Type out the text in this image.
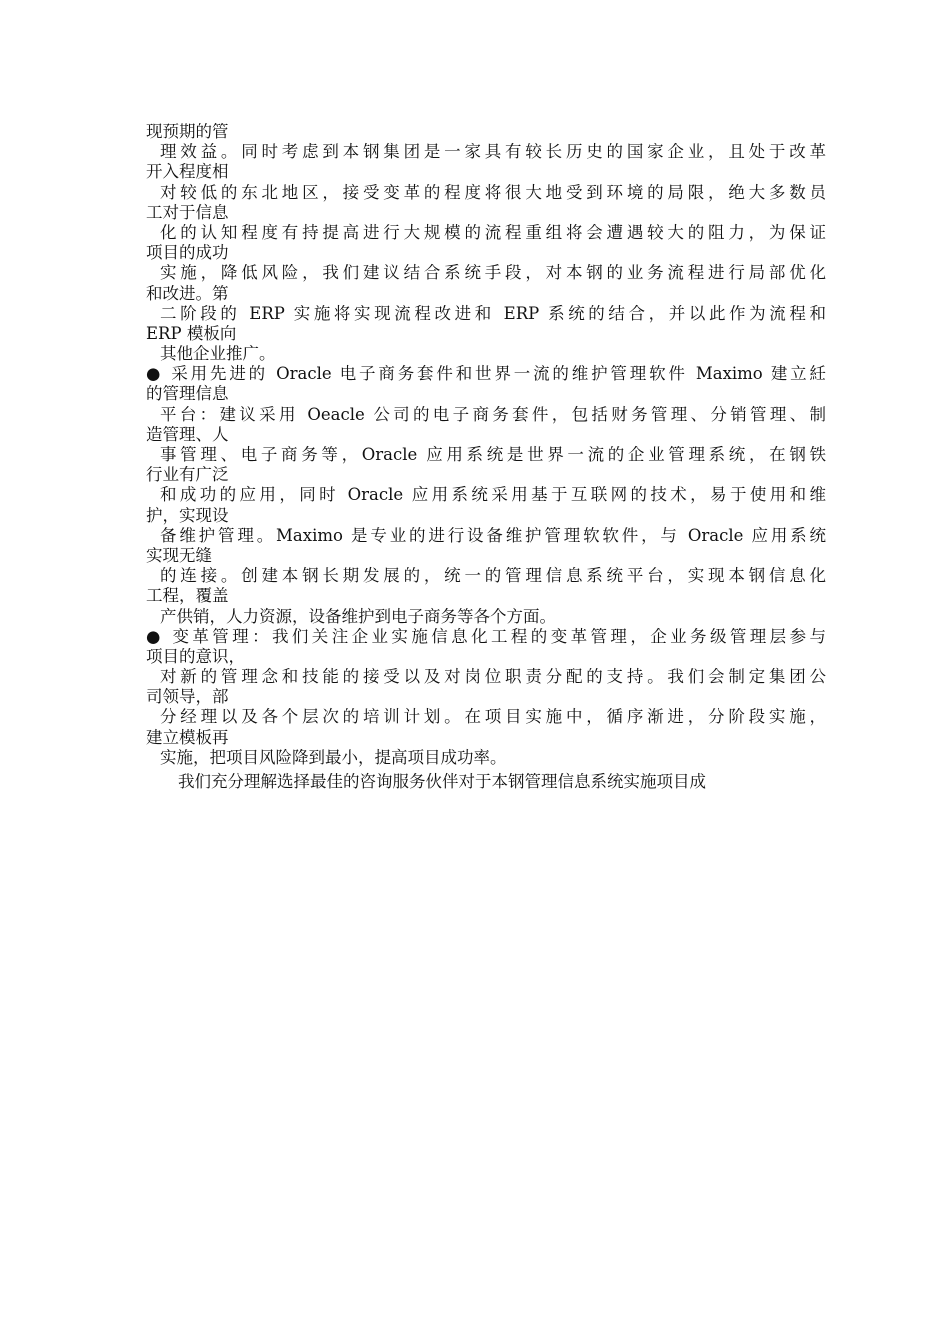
现预期的管
理效益。同时考虑到本钢集团是一家具有较长历史的国家企业，且处于改革
开入程度相
对较低的东北地区，接受变革的程度将很大地受到环境的局限，绝大多数员
工对于信息
化的认知程度有持提高进行大规模的流程重组将会遭遇较大的阻力，为保证
项目的成功
实施，降低风险，我们建议结合系统手段，对本钢的业务流程进行局部优化
和改进。第
二阶段的 ERP 实施将实现流程改进和 ERP 系统的结合，并以此作为流程和
ERP 模板向
其他企业推广。
● 采用先进的 Oracle 电子商务套件和世界一流的维护管理软件 Maximo 建立紝
的管理信息
平台：建议采用 Oeacle 公司的电子商务套件，包括财务管理、分销管理、制
造管理、人
事管理、电子商务等，Oracle 应用系统是世界一流的企业管理系统，在钢铁
行业有广泛
和成功的应用，同时 Oracle 应用系统采用基于互联网的技术，易于使用和维
护，实现设
备维护管理。Maximo 是专业的进行设备维护管理软软件，与 Oracle 应用系统
实现无缝
的连接。创建本钢长期发展的，统一的管理信息系统平台，实现本钢信息化
工程，覆盖
产供销，人力资源，设备维护到电子商务等各个方面。
● 变革管理：我们关注企业实施信息化工程的变革管理，企业务级管理层参与
项目的意识，
对新的管理念和技能的接受以及对岗位职责分配的支持。我们会制定集团公
司领导，部
分经理以及各个层次的培训计划。在项目实施中，循序渐进，分阶段实施，
建立模板再
实施，把项目风险降到最小，提高项目成功率。
我们充分理解选择最佳的咨询服务伙伴对于本钢管理信息系统实施项目成
